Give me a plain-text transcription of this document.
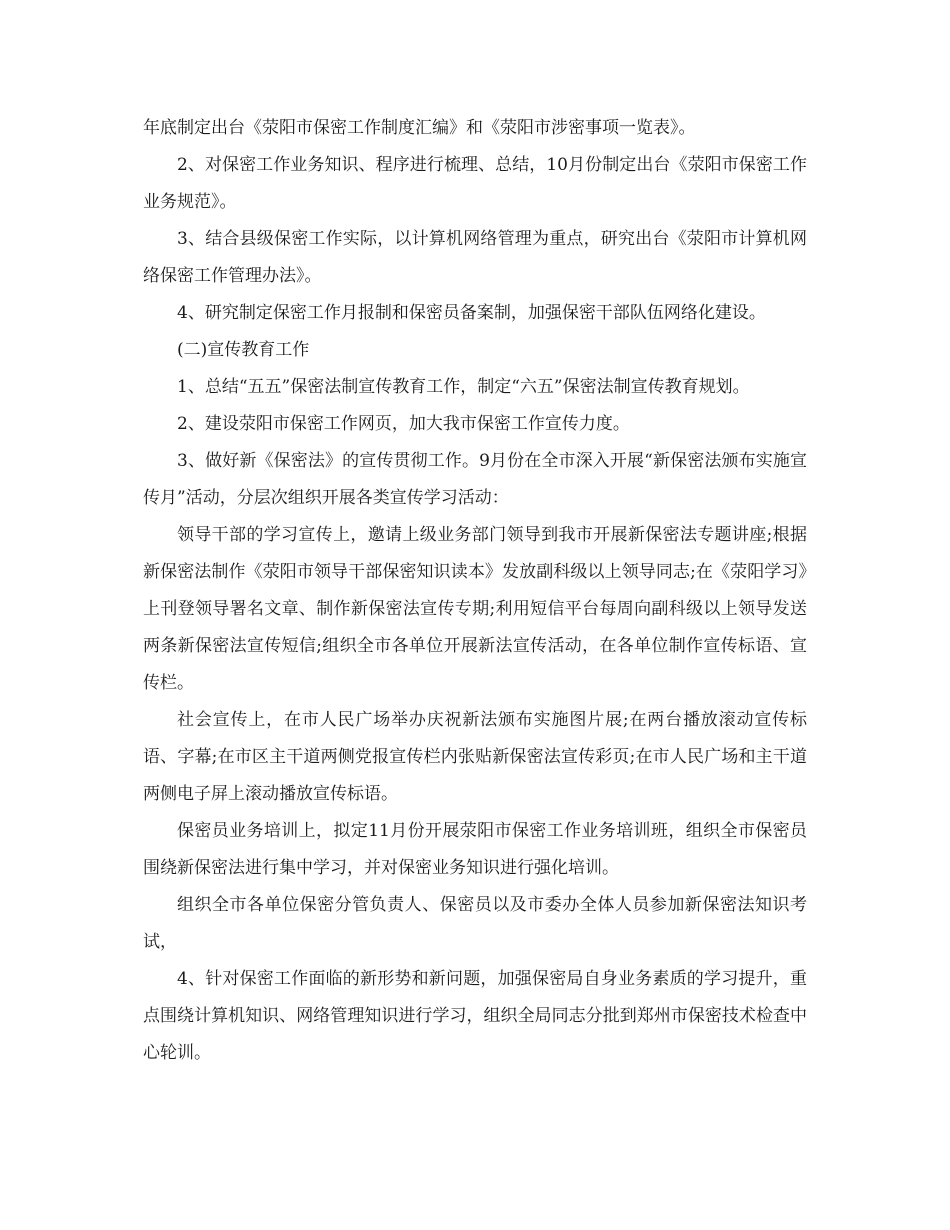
年底制定出台《荥阳市保密工作制度汇编》和《荥阳市涉密事项一览表》。

2、对保密工作业务知识、程序进行梳理、总结，10月份制定出台《荥阳市保密工作业务规范》。

3、结合县级保密工作实际，以计算机网络管理为重点，研究出台《荥阳市计算机网络保密工作管理办法》。

4、研究制定保密工作月报制和保密员备案制，加强保密干部队伍网络化建设。

(二)宣传教育工作

1、总结“五五”保密法制宣传教育工作，制定“六五”保密法制宣传教育规划。

2、建设荥阳市保密工作网页，加大我市保密工作宣传力度。

3、做好新《保密法》的宣传贯彻工作。9月份在全市深入开展“新保密法颁布实施宣传月”活动，分层次组织开展各类宣传学习活动：

领导干部的学习宣传上，邀请上级业务部门领导到我市开展新保密法专题讲座;根据新保密法制作《荥阳市领导干部保密知识读本》发放副科级以上领导同志;在《荥阳学习》上刊登领导署名文章、制作新保密法宣传专期;利用短信平台每周向副科级以上领导发送两条新保密法宣传短信;组织全市各单位开展新法宣传活动，在各单位制作宣传标语、宣传栏。

社会宣传上，在市人民广场举办庆祝新法颁布实施图片展;在两台播放滚动宣传标语、字幕;在市区主干道两侧党报宣传栏内张贴新保密法宣传彩页;在市人民广场和主干道两侧电子屏上滚动播放宣传标语。

保密员业务培训上，拟定11月份开展荥阳市保密工作业务培训班，组织全市保密员围绕新保密法进行集中学习，并对保密业务知识进行强化培训。

组织全市各单位保密分管负责人、保密员以及市委办全体人员参加新保密法知识考试，

4、针对保密工作面临的新形势和新问题，加强保密局自身业务素质的学习提升，重点围绕计算机知识、网络管理知识进行学习，组织全局同志分批到郑州市保密技术检查中心轮训。
